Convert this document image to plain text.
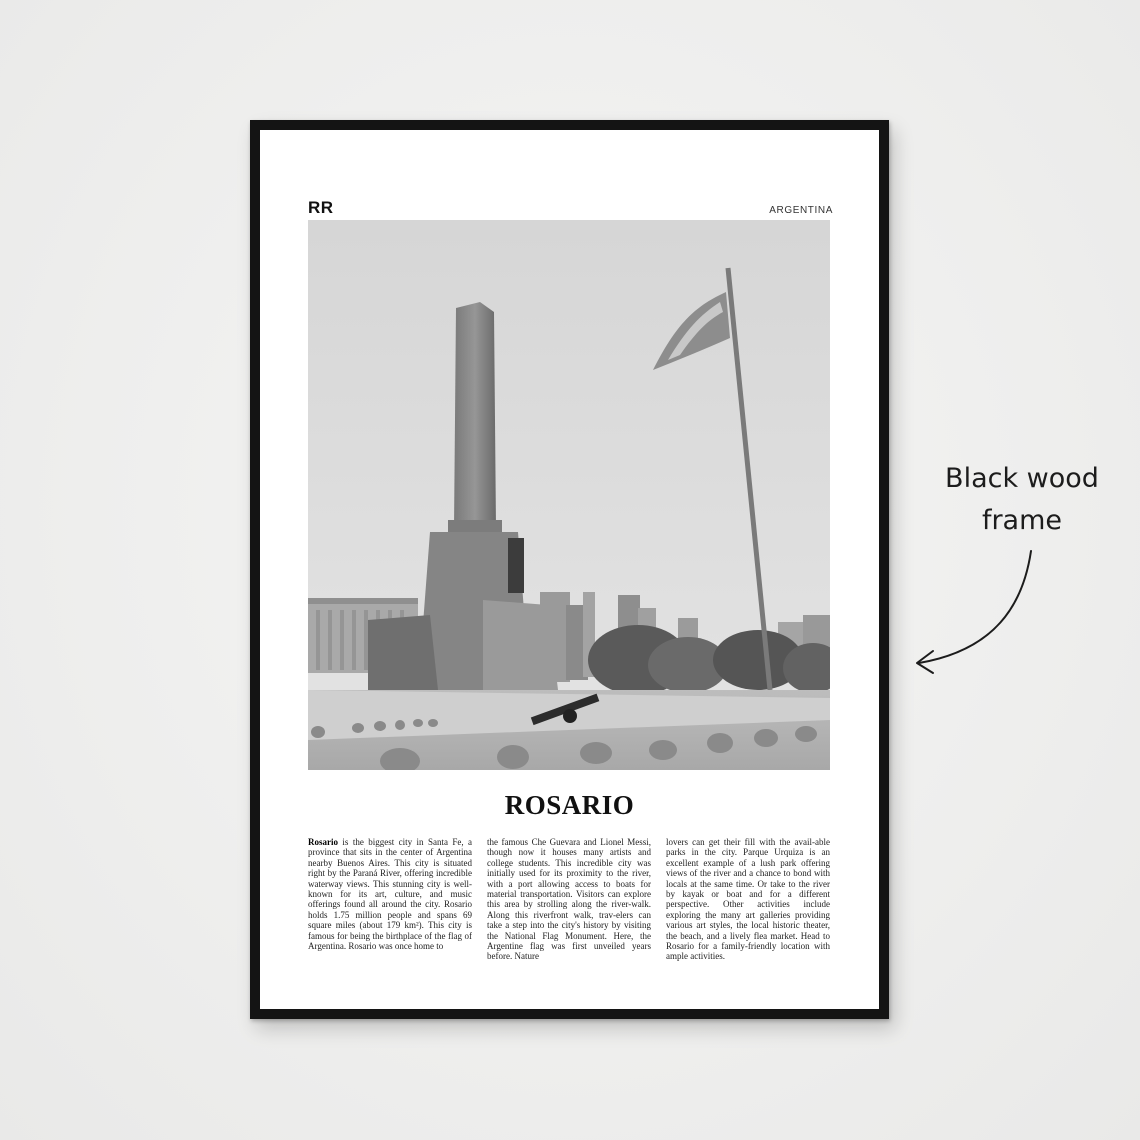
RR	ARGENTINA
ROSARIO
Rosario is the biggest city in Santa Fe, a province that sits in the center of Argentina nearby Buenos Aires. This city is situated right by the Paraná River, offering incredible waterway views. This stunning city is well-known for its art, culture, and music offerings found all around the city. Rosario holds 1.75 million people and spans 69 square miles (about 179 km²). This city is famous for being the birthplace of the flag of Argentina. Rosario was once home to
the famous Che Guevara and Lionel Messi, though now it houses many artists and college students. This incredible city was initially used for its proximity to the river, with a port allowing access to boats for material transportation. Visitors can explore this area by strolling along the river-walk. Along this riverfront walk, trav-elers can take a step into the city's history by visiting the National Flag Monument. Here, the Argentine flag was first unveiled years before. Nature
lovers can get their fill with the avail-able parks in the city. Parque Urquiza is an excellent example of a lush park offering views of the river and a chance to bond with locals at the same time. Or take to the river by kayak or boat and for a different perspective. Other activities include exploring the many art galleries providing various art styles, the local historic theater, the beach, and a lively flea market. Head to Rosario for a family-friendly location with ample activities.
Black wood
frame
